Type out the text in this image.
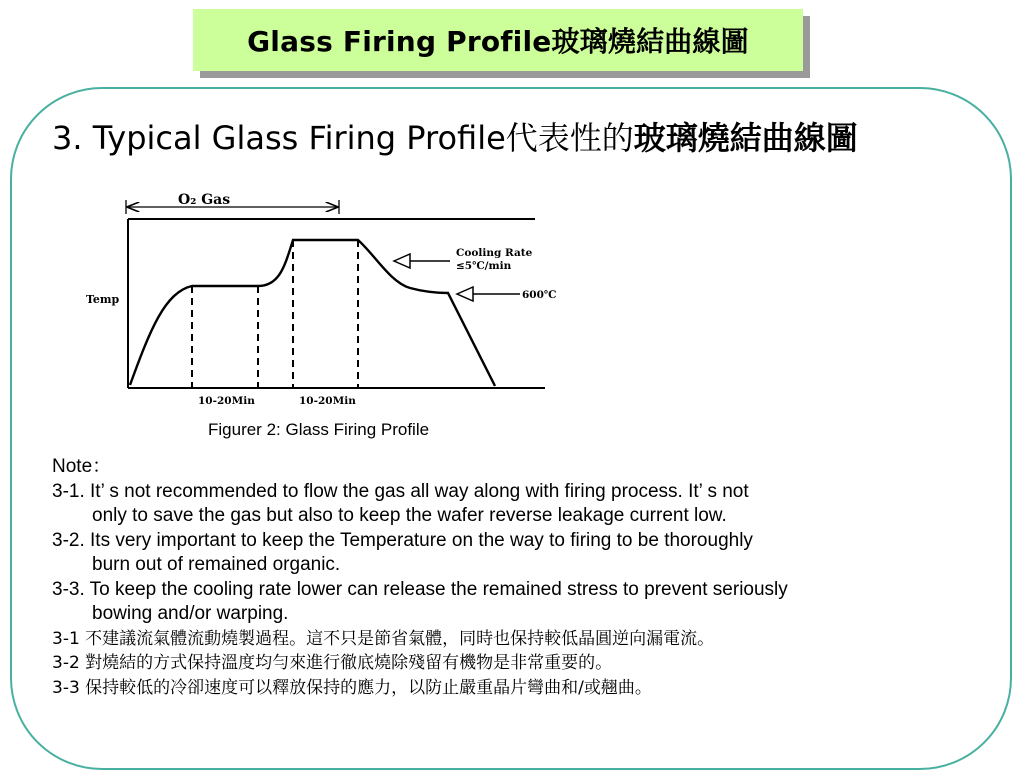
Glass Firing Profile玻璃燒結曲線圖
3. Typical Glass Firing Profile代表性的玻璃燒結曲線圖
O₂ Gas
Temp
Cooling Rate
≤5℃/min
600℃
10-20Min	10-20Min
Figurer 2: Glass Firing Profile
Note：
3-1. It’ s not recommended to flow the gas all way along with firing process. It’ s not
only to save the gas but also to keep the wafer reverse leakage current low.
3-2. Its very important to keep the Temperature on the way to firing to be thoroughly
burn out of remained organic.
3-3. To keep the cooling rate lower can release the remained stress to prevent seriously
bowing and/or warping.
3-1 不建議流氣體流動燒製過程。這不只是節省氣體，同時也保持較低晶圓逆向漏電流。
3-2 對燒結的方式保持溫度均勻來進行徹底燒除殘留有機物是非常重要的。
3-3 保持較低的冷卻速度可以釋放保持的應力，以防止嚴重晶片彎曲和/或翹曲。
